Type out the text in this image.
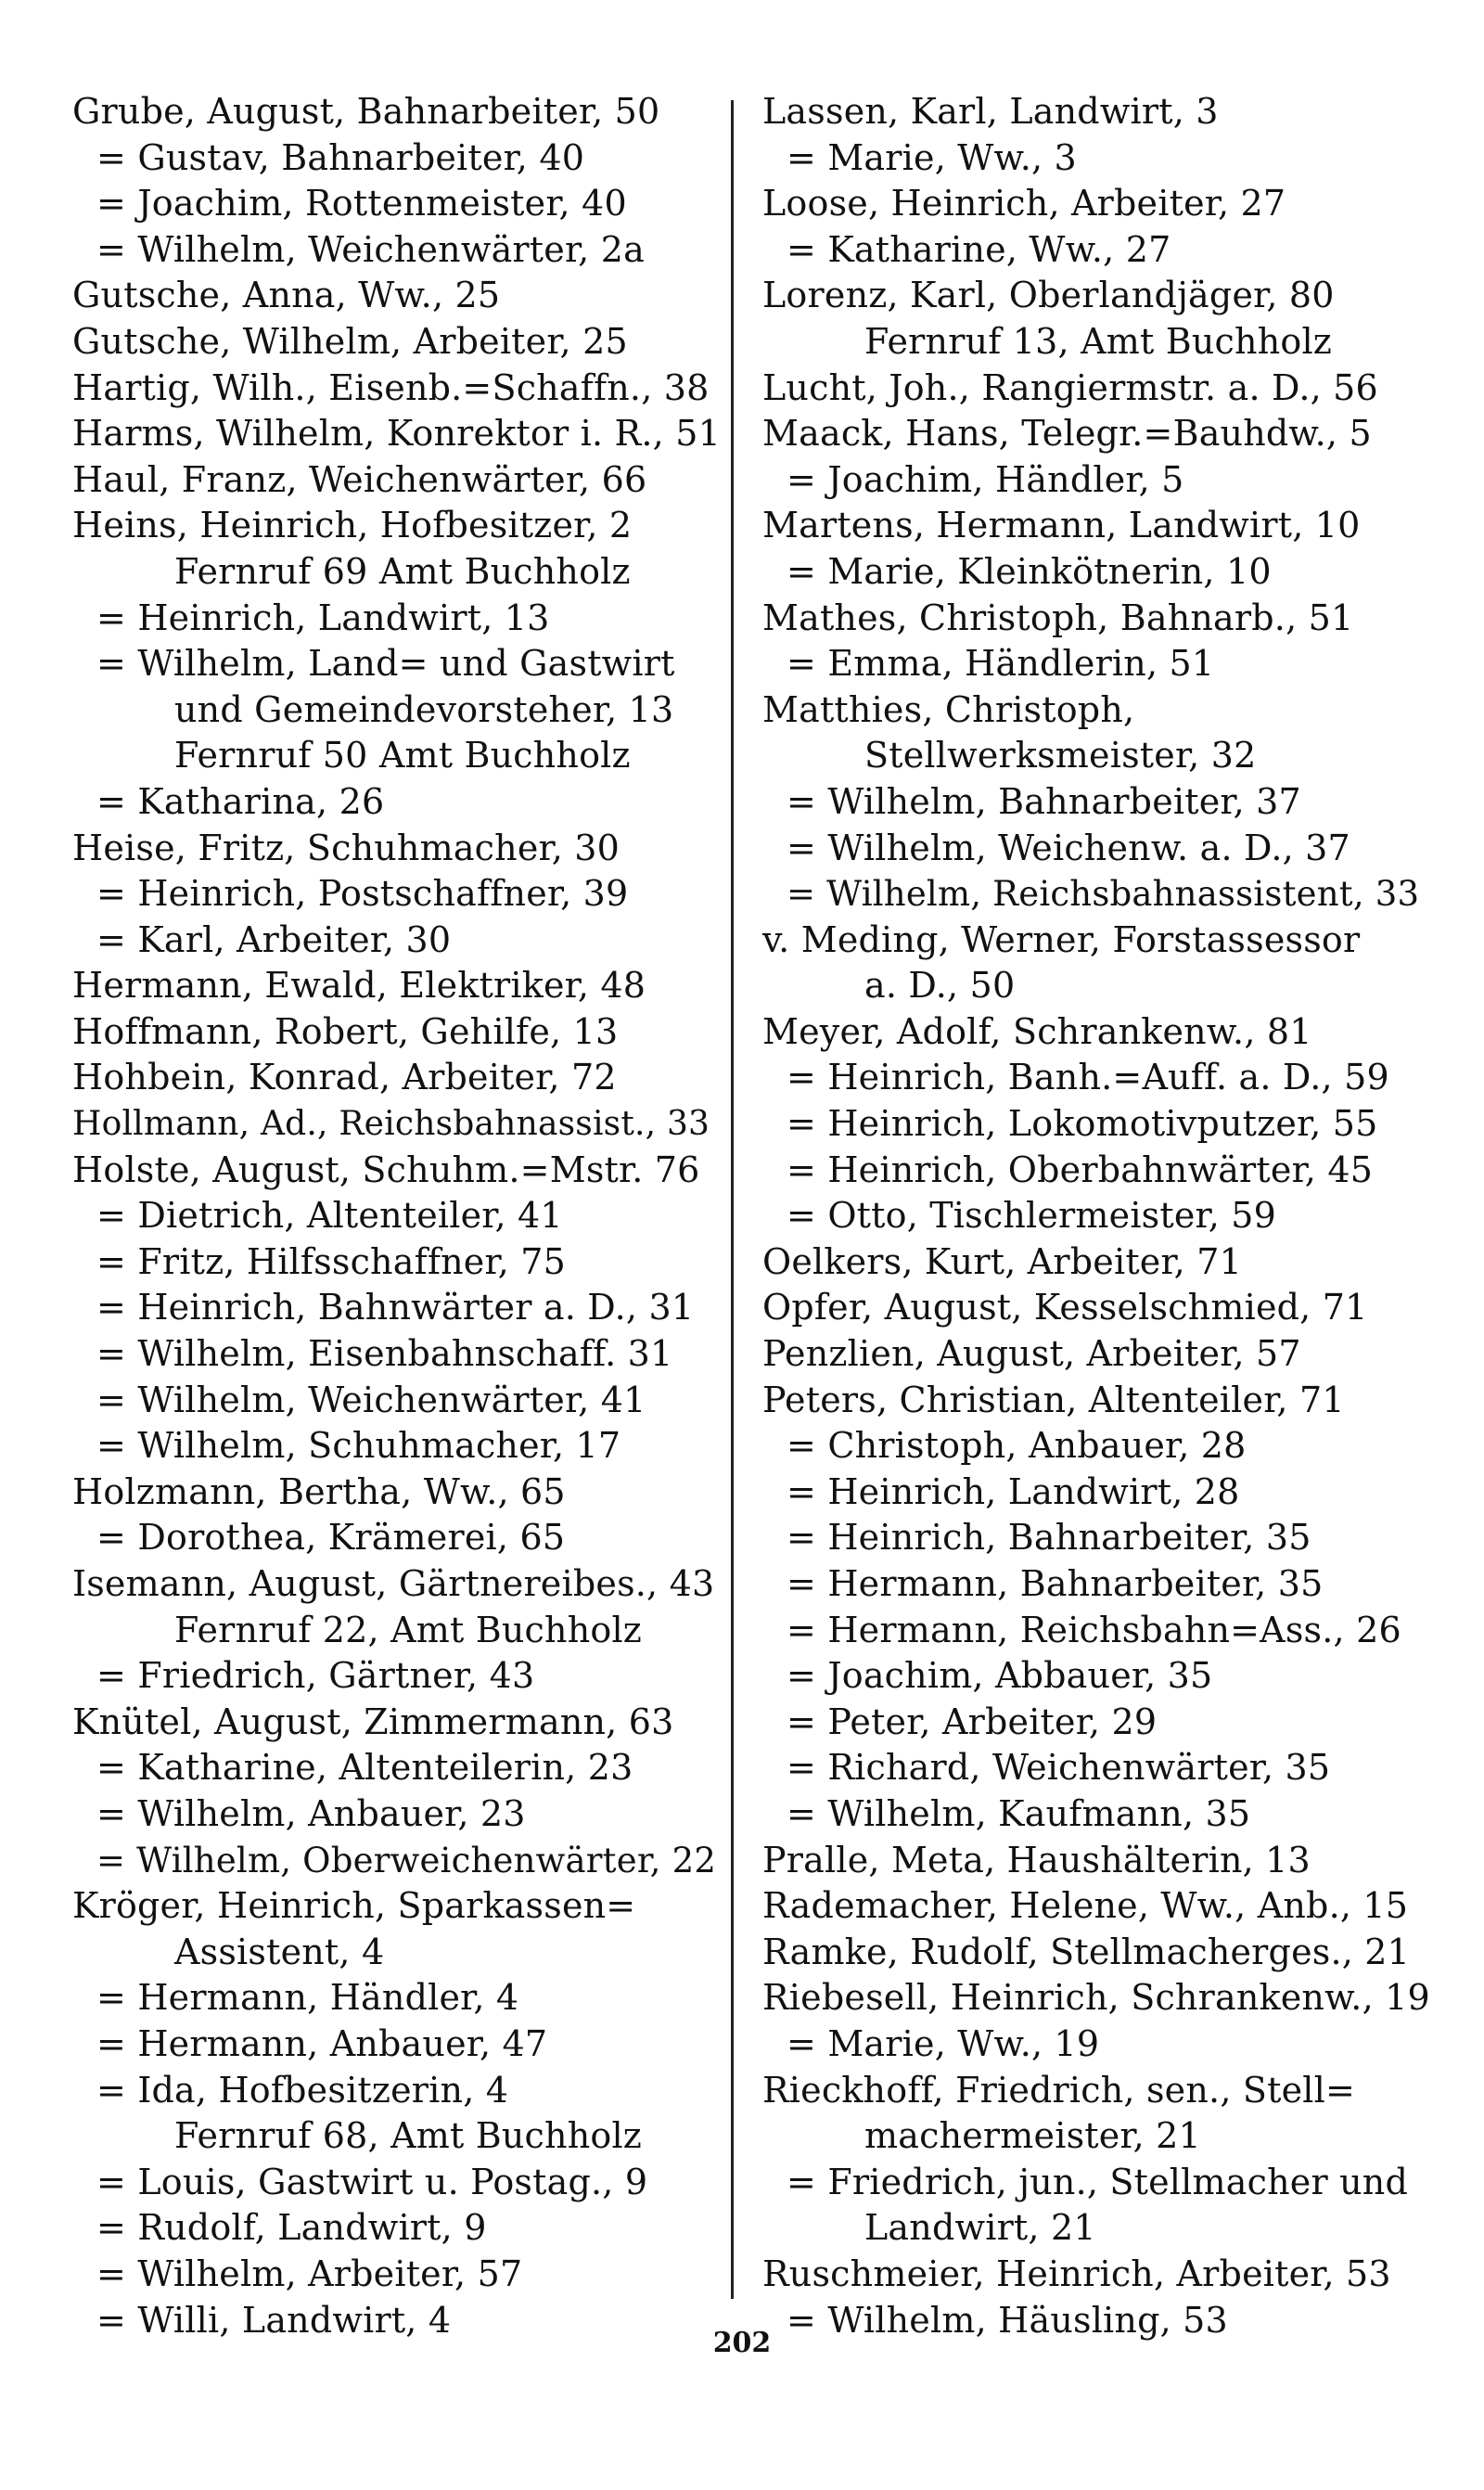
Grube, August, Bahnarbeiter, 50
= Gustav, Bahnarbeiter, 40
= Joachim, Rottenmeister, 40
= Wilhelm, Weichenwärter, 2a
Gutsche, Anna, Ww., 25
Gutsche, Wilhelm, Arbeiter, 25
Hartig, Wilh., Eisenb.=Schaffn., 38
Harms, Wilhelm, Konrektor i. R., 51
Haul, Franz, Weichenwärter, 66
Heins, Heinrich, Hofbesitzer, 2
Fernruf 69 Amt Buchholz
= Heinrich, Landwirt, 13
= Wilhelm, Land= und Gastwirt
und Gemeindevorsteher, 13
Fernruf 50 Amt Buchholz
= Katharina, 26
Heise, Fritz, Schuhmacher, 30
= Heinrich, Postschaffner, 39
= Karl, Arbeiter, 30
Hermann, Ewald, Elektriker, 48
Hoffmann, Robert, Gehilfe, 13
Hohbein, Konrad, Arbeiter, 72
Hollmann, Ad., Reichsbahnassist., 33
Holste, August, Schuhm.=Mstr. 76
= Dietrich, Altenteiler, 41
= Fritz, Hilfsschaffner, 75
= Heinrich, Bahnwärter a. D., 31
= Wilhelm, Eisenbahnschaff. 31
= Wilhelm, Weichenwärter, 41
= Wilhelm, Schuhmacher, 17
Holzmann, Bertha, Ww., 65
= Dorothea, Krämerei, 65
Isemann, August, Gärtnereibes., 43
Fernruf 22, Amt Buchholz
= Friedrich, Gärtner, 43
Knütel, August, Zimmermann, 63
= Katharine, Altenteilerin, 23
= Wilhelm, Anbauer, 23
= Wilhelm, Oberweichenwärter, 22
Kröger, Heinrich, Sparkassen=
Assistent, 4
= Hermann, Händler, 4
= Hermann, Anbauer, 47
= Ida, Hofbesitzerin, 4
Fernruf 68, Amt Buchholz
= Louis, Gastwirt u. Postag., 9
= Rudolf, Landwirt, 9
= Wilhelm, Arbeiter, 57
= Willi, Landwirt, 4
Lassen, Karl, Landwirt, 3
= Marie, Ww., 3
Loose, Heinrich, Arbeiter, 27
= Katharine, Ww., 27
Lorenz, Karl, Oberlandjäger, 80
Fernruf 13, Amt Buchholz
Lucht, Joh., Rangiermstr. a. D., 56
Maack, Hans, Telegr.=Bauhdw., 5
= Joachim, Händler, 5
Martens, Hermann, Landwirt, 10
= Marie, Kleinkötnerin, 10
Mathes, Christoph, Bahnarb., 51
= Emma, Händlerin, 51
Matthies, Christoph,
Stellwerksmeister, 32
= Wilhelm, Bahnarbeiter, 37
= Wilhelm, Weichenw. a. D., 37
= Wilhelm, Reichsbahnassistent, 33
v. Meding, Werner, Forstassessor
a. D., 50
Meyer, Adolf, Schrankenw., 81
= Heinrich, Banh.=Auff. a. D., 59
= Heinrich, Lokomotivputzer, 55
= Heinrich, Oberbahnwärter, 45
= Otto, Tischlermeister, 59
Oelkers, Kurt, Arbeiter, 71
Opfer, August, Kesselschmied, 71
Penzlien, August, Arbeiter, 57
Peters, Christian, Altenteiler, 71
= Christoph, Anbauer, 28
= Heinrich, Landwirt, 28
= Heinrich, Bahnarbeiter, 35
= Hermann, Bahnarbeiter, 35
= Hermann, Reichsbahn=Ass., 26
= Joachim, Abbauer, 35
= Peter, Arbeiter, 29
= Richard, Weichenwärter, 35
= Wilhelm, Kaufmann, 35
Pralle, Meta, Haushälterin, 13
Rademacher, Helene, Ww., Anb., 15
Ramke, Rudolf, Stellmacherges., 21
Riebesell, Heinrich, Schrankenw., 19
= Marie, Ww., 19
Rieckhoff, Friedrich, sen., Stell=
machermeister, 21
= Friedrich, jun., Stellmacher und
Landwirt, 21
Ruschmeier, Heinrich, Arbeiter, 53
= Wilhelm, Häusling, 53
202
